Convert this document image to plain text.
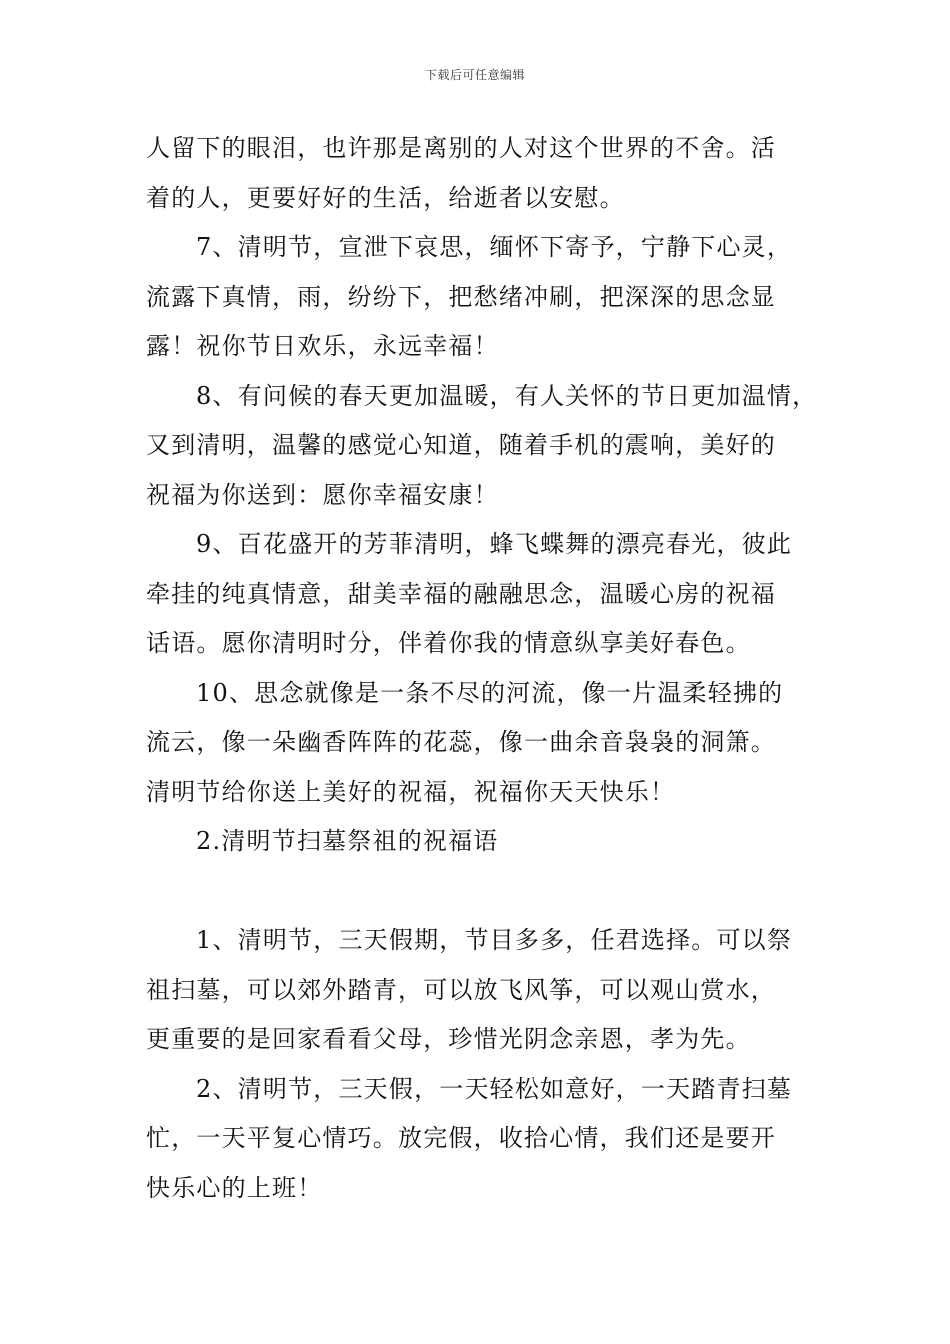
下载后可任意编辑
人留下的眼泪，也许那是离别的人对这个世界的不舍。活
着的人，更要好好的生活，给逝者以安慰。
7、清明节，宣泄下哀思，缅怀下寄予，宁静下心灵，
流露下真情，雨，纷纷下，把愁绪冲刷，把深深的思念显
露！祝你节日欢乐，永远幸福！
8、有问候的春天更加温暖，有人关怀的节日更加温情，
又到清明，温馨的感觉心知道，随着手机的震响，美好的
祝福为你送到：愿你幸福安康！
9、百花盛开的芳菲清明，蜂飞蝶舞的漂亮春光，彼此
牵挂的纯真情意，甜美幸福的融融思念，温暖心房的祝福
话语。愿你清明时分，伴着你我的情意纵享美好春色。
10、思念就像是一条不尽的河流，像一片温柔轻拂的
流云，像一朵幽香阵阵的花蕊，像一曲余音袅袅的洞箫。
清明节给你送上美好的祝福，祝福你天天快乐！
2.清明节扫墓祭祖的祝福语
1、清明节，三天假期，节目多多，任君选择。可以祭
祖扫墓，可以郊外踏青，可以放飞风筝，可以观山赏水，
更重要的是回家看看父母，珍惜光阴念亲恩，孝为先。
2、清明节，三天假，一天轻松如意好，一天踏青扫墓
忙，一天平复心情巧。放完假，收拾心情，我们还是要开
快乐心的上班！
